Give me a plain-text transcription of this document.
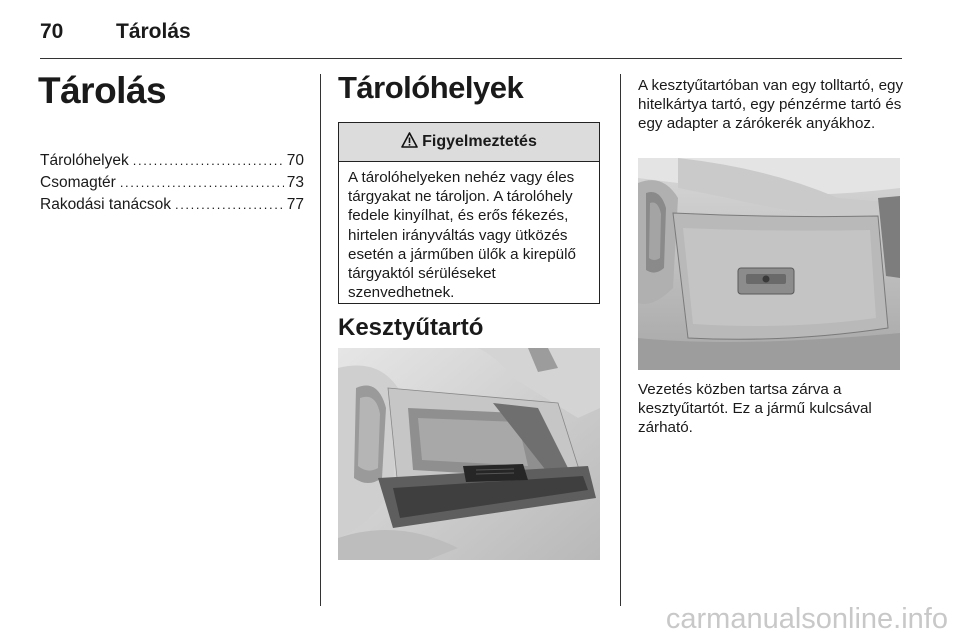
70	Tárolás
Tárolás
Tárolóhelyek . . .	70
Csomagtér . . .	73
Rakodási tanácsok . . .	77
Tárolóhelyek
Figyelmeztetés

A tárolóhelyeken nehéz vagy éles tárgyakat ne tároljon. A tárolóhely fedele kinyílhat, és erős fékezés, hirtelen irányváltás vagy ütközés esetén a járműben ülők a kirepülő tárgyaktól sérüléseket szenvedhetnek.

Kesztyűtartó

A kesztyűtartóban van egy tolltartó, egy hitelkártya tartó, egy pénzérme tartó és egy adapter a zárókerék anyákhoz.

Vezetés közben tartsa zárva a kesztyűtartót. Ez a jármű kulcsával zárható.

carmanualsonline.info
